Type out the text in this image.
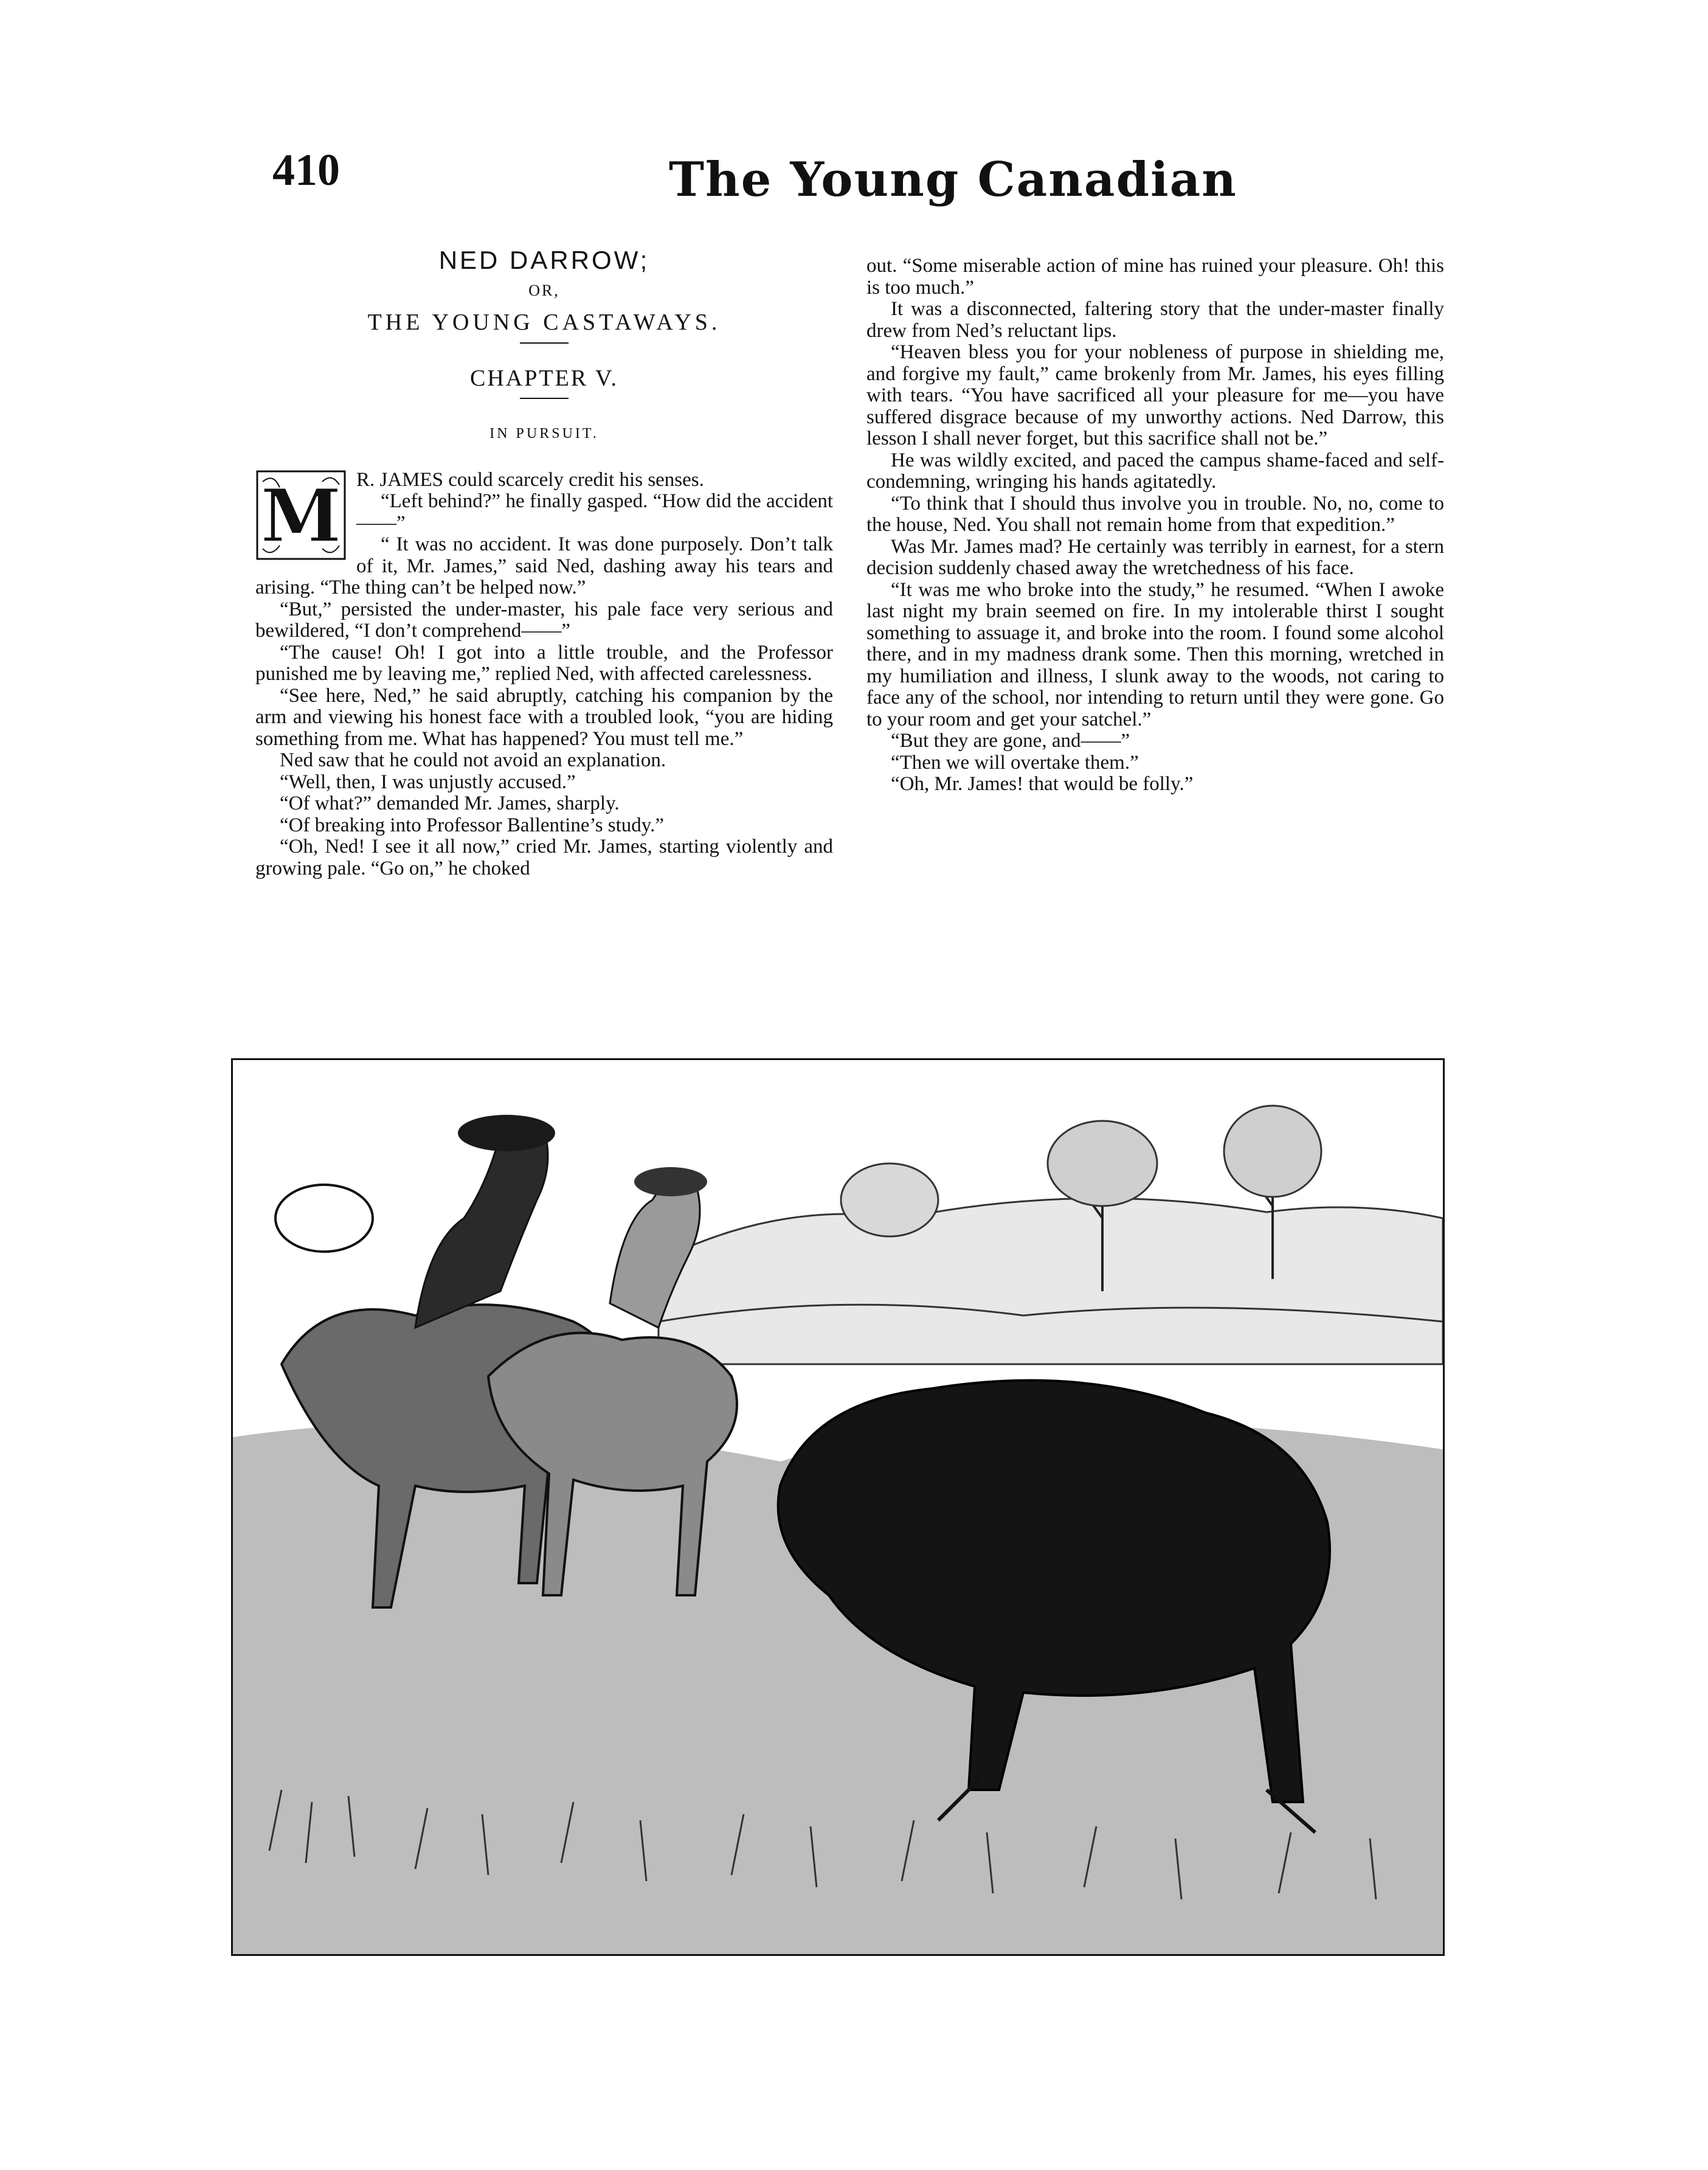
410	The Young Canadian
NED DARROW;
OR,
THE YOUNG CASTAWAYS.
CHAPTER V.
IN PURSUIT.
M R. JAMES could scarcely credit his senses.

“Left behind?” he finally gasped. “How did the accident——”

“ It was no accident. It was done purposely. Don’t talk of it, Mr. James,” said Ned, dashing away his tears and arising. “The thing can’t be helped now.”

“But,” persisted the under-master, his pale face very serious and bewildered, “I don’t comprehend——”

“The cause! Oh! I got into a little trouble, and the Professor punished me by leaving me,” replied Ned, with affected carelessness.

“See here, Ned,” he said abruptly, catching his companion by the arm and viewing his honest face with a troubled look, “you are hiding something from me. What has happened? You must tell me.”

Ned saw that he could not avoid an explanation.

“Well, then, I was unjustly accused.”

“Of what?” demanded Mr. James, sharply.

“Of breaking into Professor Ballentine’s study.”

“Oh, Ned! I see it all now,” cried Mr. James, starting violently and growing pale. “Go on,” he choked

out. “Some miserable action of mine has ruined your pleasure. Oh! this is too much.”

It was a disconnected, faltering story that the under-master finally drew from Ned’s reluctant lips.

“Heaven bless you for your nobleness of purpose in shielding me, and forgive my fault,” came brokenly from Mr. James, his eyes filling with tears. “You have sacrificed all your pleasure for me—you have suffered disgrace because of my unworthy actions. Ned Darrow, this lesson I shall never forget, but this sacrifice shall not be.”

He was wildly excited, and paced the campus shame-faced and self-condemning, wringing his hands agitatedly.

“To think that I should thus involve you in trouble. No, no, come to the house, Ned. You shall not remain home from that expedition.”

Was Mr. James mad? He certainly was terribly in earnest, for a stern decision suddenly chased away the wretchedness of his face.

“It was me who broke into the study,” he resumed. “When I awoke last night my brain seemed on fire. In my intolerable thirst I sought something to assuage it, and broke into the room. I found some alcohol there, and in my madness drank some. Then this morning, wretched in my humiliation and illness, I slunk away to the woods, not caring to face any of the school, nor intending to return until they were gone. Go to your room and get your satchel.”

“But they are gone, and——”

“Then we will overtake them.”

“Oh, Mr. James! that would be folly.”
